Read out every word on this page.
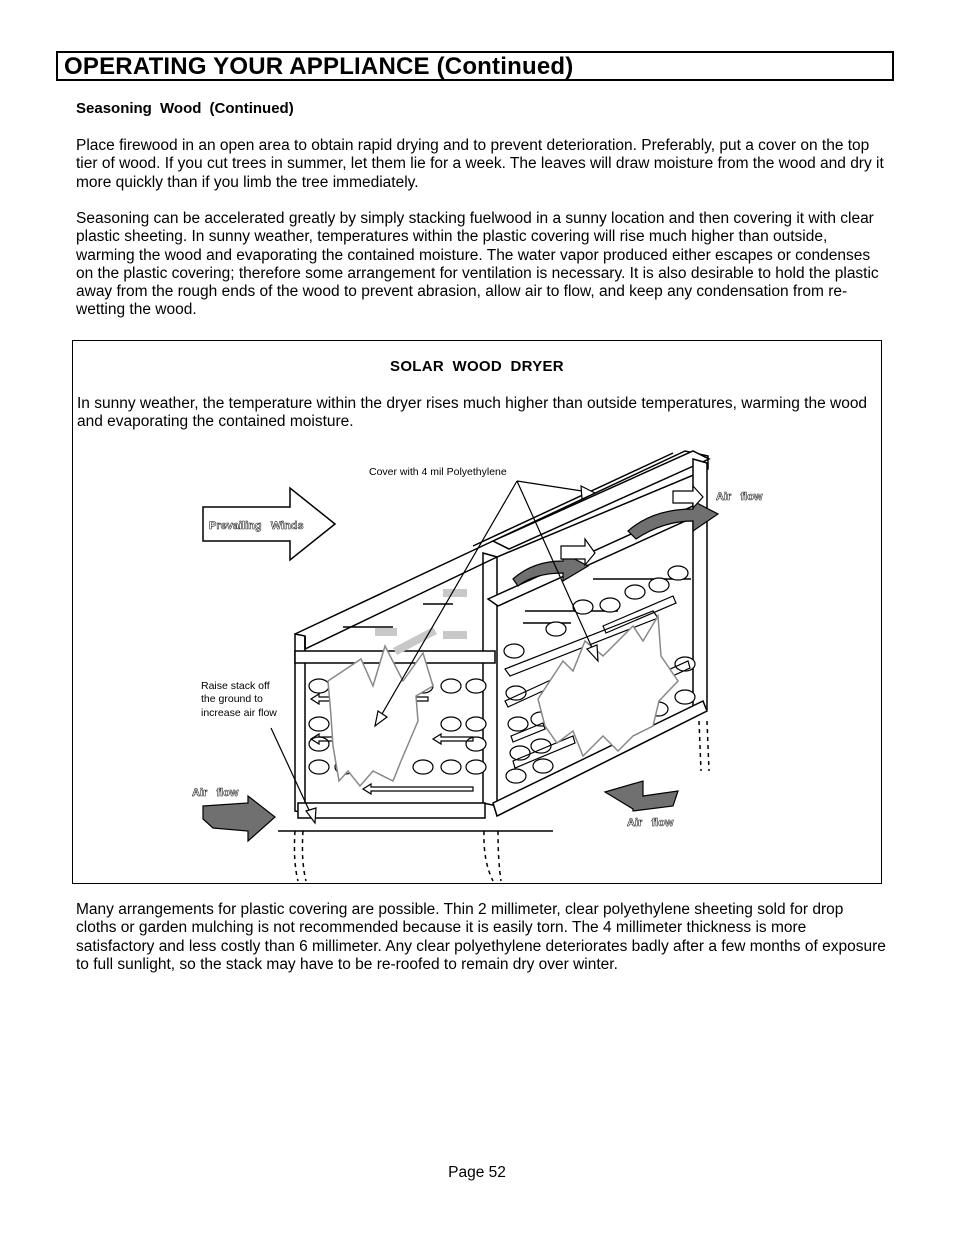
OPERATING YOUR APPLIANCE (Continued)
Seasoning Wood (Continued)

Place firewood in an open area to obtain rapid drying and to prevent deterioration. Preferably, put a cover on the top tier of wood. If you cut trees in summer, let them lie for a week. The leaves will draw moisture from the wood and dry it more quickly than if you limb the tree immediately.

Seasoning can be accelerated greatly by simply stacking fuelwood in a sunny location and then covering it with clear plastic sheeting. In sunny weather, temperatures within the plastic covering will rise much higher than outside, warming the wood and evaporating the contained moisture. The water vapor produced either escapes or condenses on the plastic covering; therefore some arrangement for ventilation is necessary. It is also desirable to hold the plastic away from the rough ends of the wood to prevent abrasion, allow air to flow, and keep any condensation from re-wetting the wood.

SOLAR WOOD DRYER

In sunny weather, the temperature within the dryer rises much higher than outside temperatures, warming the wood and evaporating the contained moisture.

Prevailing   Winds
Cover with 4 mil Polyethylene
Raise stack off
the ground to
increase air flow
Air   flow
Air   flow
Air   flow

Many arrangements for plastic covering are possible. Thin 2 millimeter, clear polyethylene sheeting sold for drop cloths or garden mulching is not recommended because it is easily torn. The 4 millimeter thickness is more satisfactory and less costly than 6 millimeter. Any clear polyethylene deteriorates badly after a few months of exposure to full sunlight, so the stack may have to be re-roofed to remain dry over winter.

Page 52
